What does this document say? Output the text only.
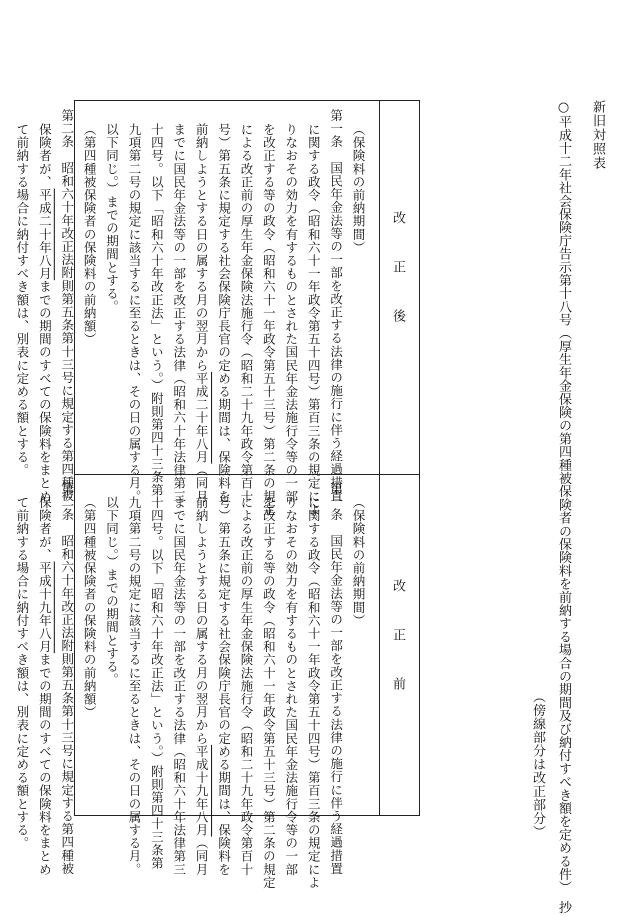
新旧対照表
○平成十二年社会保険庁告示第十八号（厚生年金保険の第四種被保険者の保険料を前納する場合の期間及び納付すべき額を定める件）　抄
（傍線部分は改正部分）
改正後
改正前

（保険料の前納期間）

第一条　国民年金法等の一部を改正する法律の施行に伴う経過措置

に関する政令（昭和六十一年政令第五十四号）第百三条の規定によ

りなおその効力を有するものとされた国民年金法施行令等の一部

を改正する等の政令（昭和六十一年政令第五十三号）第二条の規定

による改正前の厚生年金保険法施行令（昭和二十九年政令第百十

号）第五条に規定する社会保険庁長官の定める期間は、保険料を

前納しようとする日の属する月の翌月から平成二十年八月（同月

までに国民年金法等の一部を改正する法律（昭和六十年法律第三

十四号。以下「昭和六十年改正法」という。）附則第四十三条第

九項第二号の規定に該当するに至るときは、その日の属する月。

以下同じ。）までの期間とする。

（第四種被保険者の保険料の前納額）

第二条　昭和六十年改正法附則第五条第十三号に規定する第四種被

保険者が、平成二十年八月までの期間のすべての保険料をまとめ

て前納する場合に納付すべき額は、別表に定める額とする。

（保険料の前納期間）

第一条　国民年金法等の一部を改正する法律の施行に伴う経過措置

に関する政令（昭和六十一年政令第五十四号）第百三条の規定によ

りなおその効力を有するものとされた国民年金法施行令等の一部

を改正する等の政令（昭和六十一年政令第五十三号）第二条の規定

による改正前の厚生年金保険法施行令（昭和二十九年政令第百十

号）第五条に規定する社会保険庁長官の定める期間は、保険料を

前納しようとする日の属する月の翌月から平成十九年八月（同月

までに国民年金法等の一部を改正する法律（昭和六十年法律第三

十四号。以下「昭和六十年改正法」という。）附則第四十三条第

九項第二号の規定に該当するに至るときは、その日の属する月。

以下同じ。）までの期間とする。

（第四種被保険者の保険料の前納額）

第二条　昭和六十年改正法附則第五条第十三号に規定する第四種被

保険者が、平成十九年八月までの期間のすべての保険料をまとめ

て前納する場合に納付すべき額は、別表に定める額とする。
